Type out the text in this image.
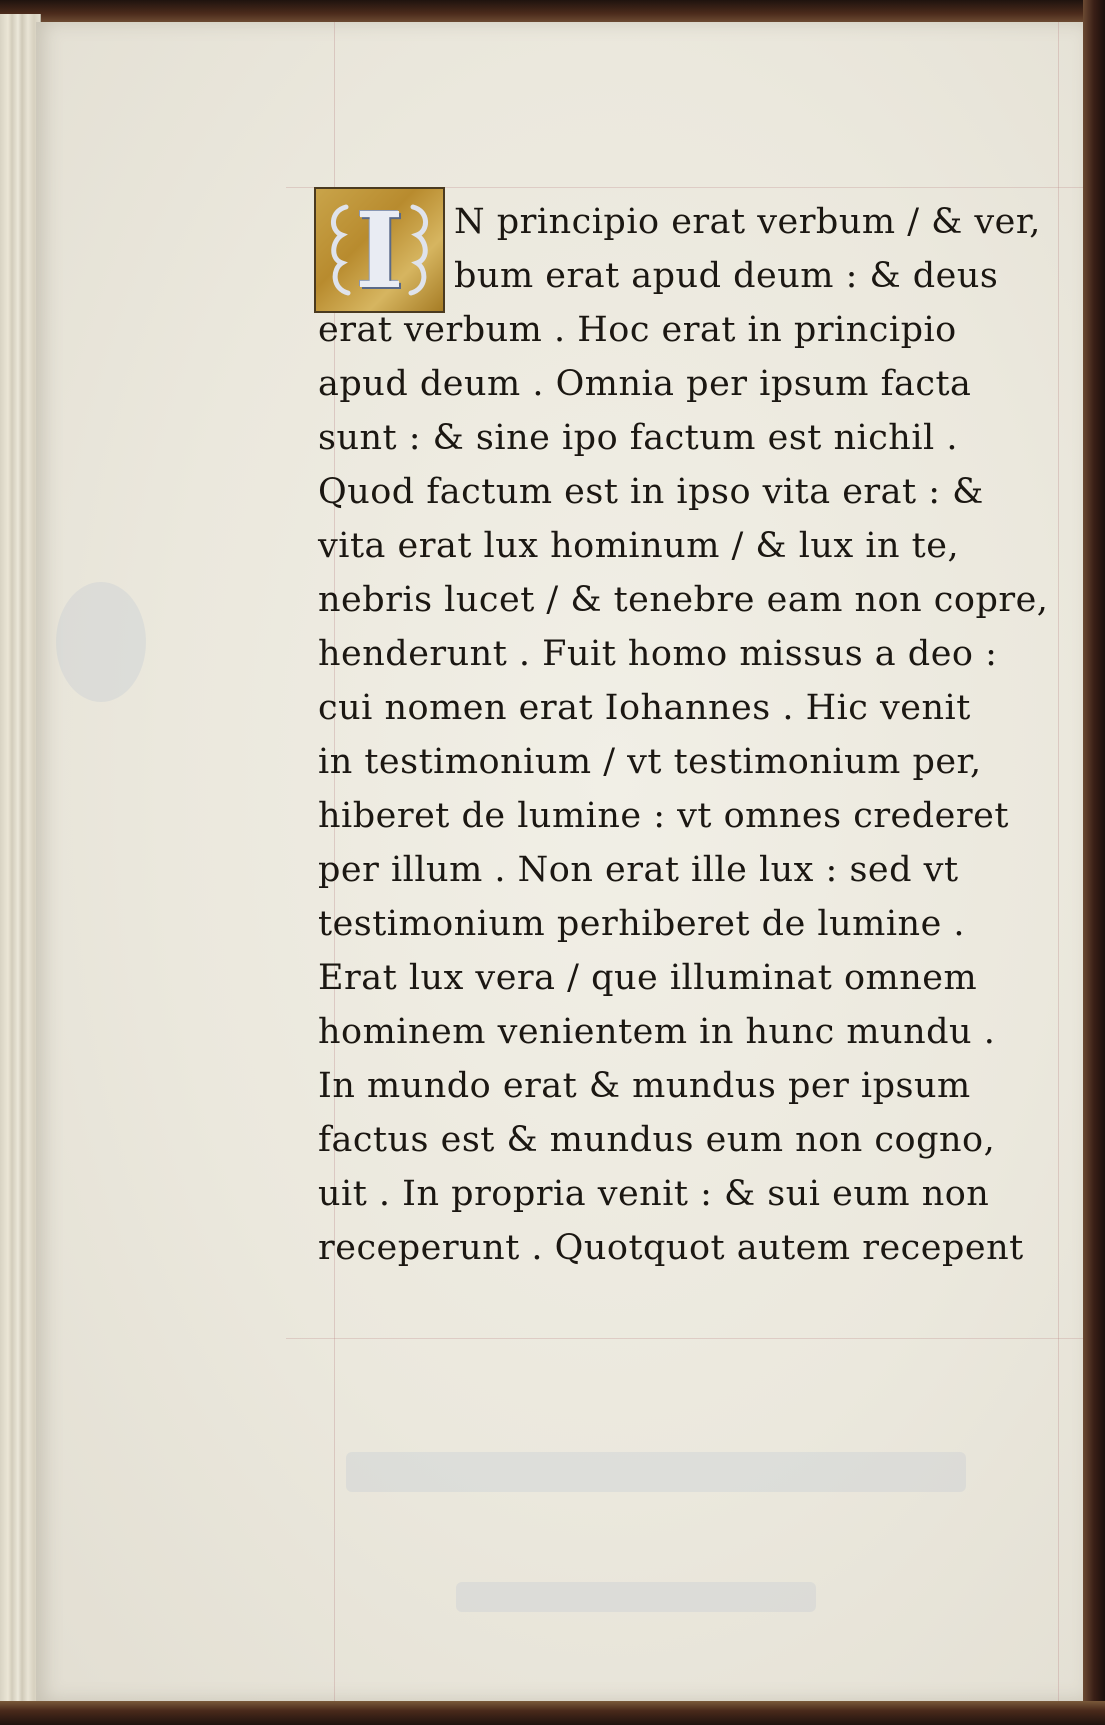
I	N principio erat verbum / & ver,
bum erat apud deum : & deus
erat verbum . Hoc erat in principio
apud deum . Omnia per ipsum facta
sunt : & sine ipo factum est nichil .
Quod factum est in ipso vita erat : &
vita erat lux hominum / & lux in te,
nebris lucet / & tenebre eam non copre,
henderunt . Fuit homo missus a deo :
cui nomen erat Iohannes . Hic venit
in testimonium / vt testimonium per,
hiberet de lumine : vt omnes crederet
per illum . Non erat ille lux : sed vt
testimonium perhiberet de lumine .
Erat lux vera / que illuminat omnem
hominem venientem in hunc mundu .
In mundo erat & mundus per ipsum
factus est & mundus eum non cogno,
uit . In propria venit : & sui eum non
receperunt . Quotquot autem recepent
